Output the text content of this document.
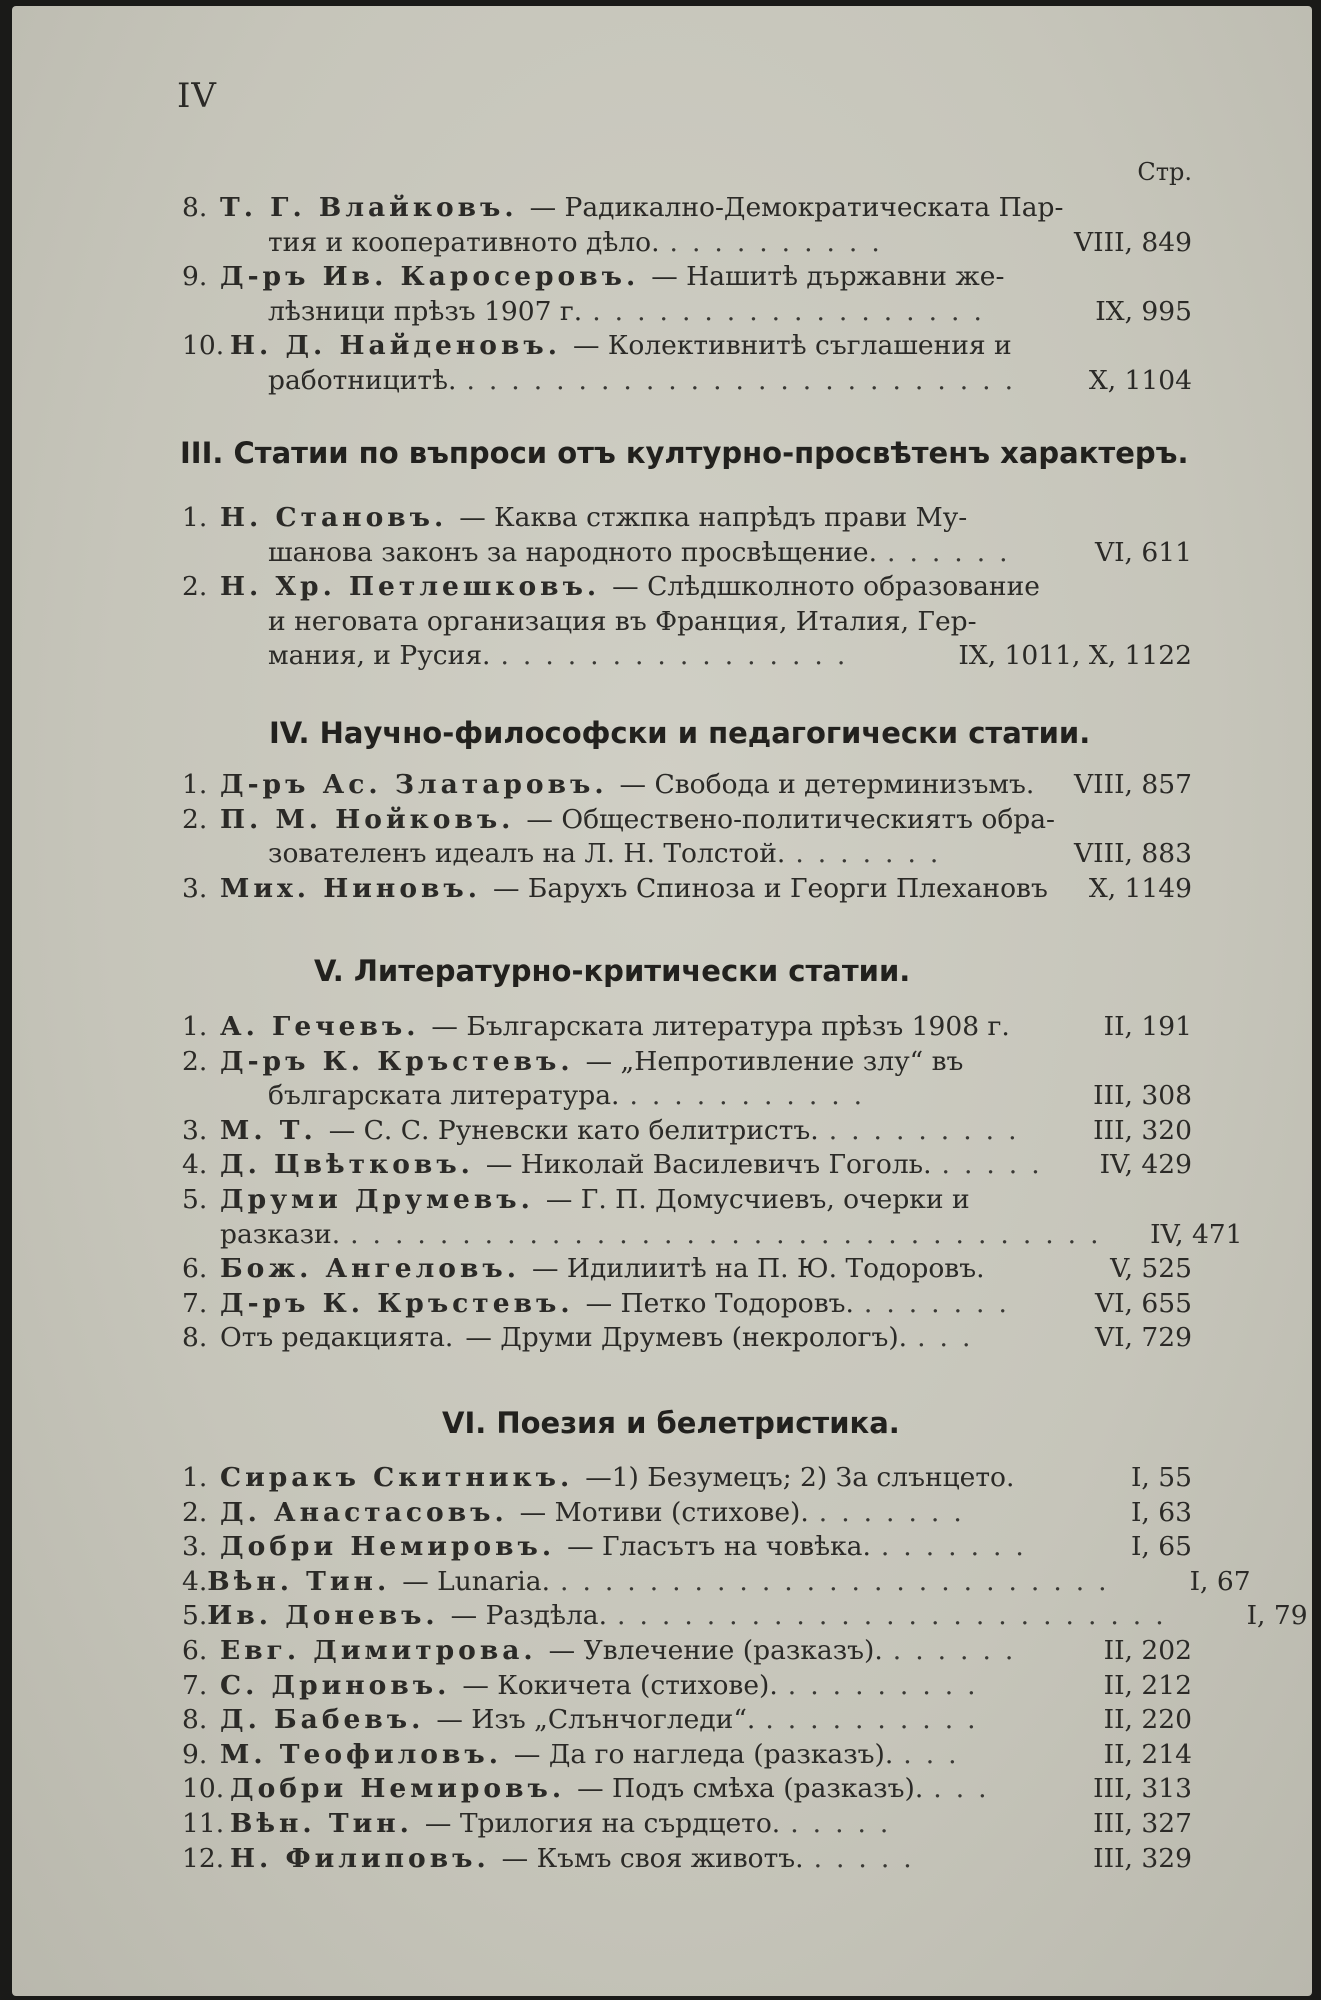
IV
Стр.
8. Т. Г. Влайковъ. — Радикално-Демократическата Пар-
тия и кооперативното дѣло. ..........	VIII, 849
9. Д-ръ Ив. Каросеровъ. — Нашитѣ държавни же-
лѣзници прѣзъ 1907 г. ..................	IX, 995
10. Н. Д. Найденовъ. — Колективнитѣ съглашения и
работницитѣ. .........................	X, 1104
III. Статии по въпроси отъ културно-просвѣтенъ характеръ.
1. Н. Становъ. — Каква стжпка напрѣдъ прави Му-
шанова законъ за народното просвѣщение. ......	VI, 611
2. Н. Хр. Петлешковъ. — Слѣдшколното образование
и неговата организация въ Франция, Италия, Гер-
мания, и Русия. ................	IX, 1011, X, 1122
IV. Научно-философски и педагогически статии.
1. Д-ръ Ас. Златаровъ. — Свобода и детерминизъмъ. VIII, 857
2. П. М. Нойковъ. — Обществено-политическиятъ обра-
зователенъ идеалъ на Л. Н. Толстой. .......	VIII, 883
3. Мих. Ниновъ. — Барухъ Спиноза и Георги Плехановъ	X, 1149
V. Литературно-критически статии.
1. А. Гечевъ. — Българската литература прѣзъ 1908 г.	II, 191
2. Д-ръ К. Кръстевъ. — „Непротивление злу“ въ
българската литература. ...........	III, 308
3. М. Т. — С. С. Руневски като белитристъ. .........	III, 320
4. Д. Цвѣтковъ. — Николай Василевичъ Гоголь. .....	IV, 429
5. Друми Друмевъ. — Г. П. Домусчиевъ, очерки и
разкази. ..................................	IV, 471
6. Бож. Ангеловъ. — Идилиитѣ на П. Ю. Тодоровъ.	V, 525
7. Д-ръ К. Кръстевъ. — Петко Тодоровъ. .......	VI, 655
8. Отъ редакцията. — Друми Друмевъ (некрологъ). ...	VI, 729
VI. Поезия и белетристика.
1. Сиракъ Скитникъ. —1) Безумецъ; 2) За слънцето.	I, 55
2. Д. Анастасовъ. — Мотиви (стихове). .......	I, 63
3. Добри Немировъ. — Гласътъ на човѣка. .......	I, 65
4. Вѣн. Тин. — Lunaria. .........................	I, 67
5. Ив. Доневъ. — Раздѣла. .........................	I, 79
6. Евг. Димитрова. — Увлечение (разказъ). ......	II, 202
7. С. Дриновъ. — Кокичета (стихове). .........	II, 212
8. Д. Бабевъ. — Изъ „Слънчогледи“. ..........	II, 220
9. М. Теофиловъ. — Да го нагледа (разказъ). ...	II, 214
10. Добри Немировъ. — Подъ смѣха (разказъ). ...	III, 313
11. Вѣн. Тин. — Трилогия на сърдцето. .....	III, 327
12. Н. Филиповъ. — Къмъ своя животъ. .....	III, 329
